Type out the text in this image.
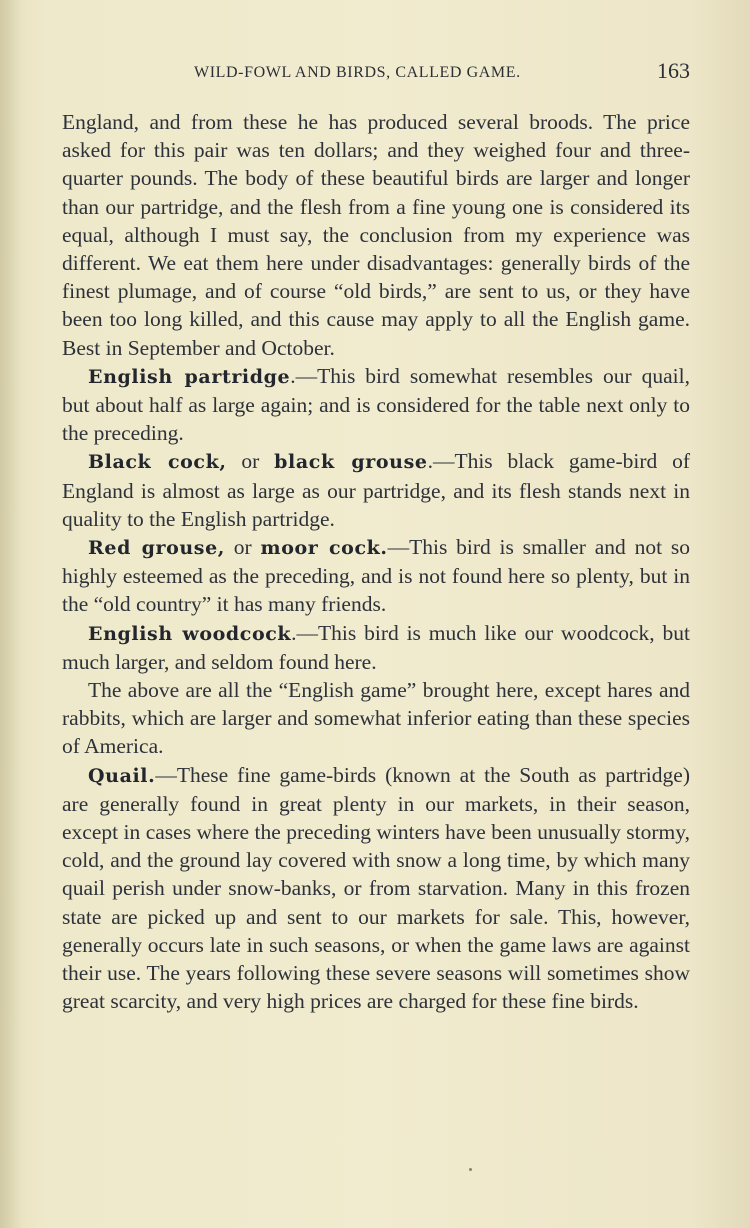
WILD-FOWL AND BIRDS, CALLED GAME.	163

England, and from these he has produced several broods. The price asked for this pair was ten dollars; and they weighed four and three-quarter pounds. The body of these beautiful birds are larger and longer than our partridge, and the flesh from a fine young one is considered its equal, although I must say, the conclusion from my experience was different. We eat them here under disadvantages: generally birds of the finest plumage, and of course “old birds,” are sent to us, or they have been too long killed, and this cause may apply to all the English game. Best in September and October.

English partridge.—This bird somewhat resembles our quail, but about half as large again; and is considered for the table next only to the preceding.

Black cock, or black grouse.—This black game-bird of England is almost as large as our partridge, and its flesh stands next in quality to the English partridge.

Red grouse, or moor cock.—This bird is smaller and not so highly esteemed as the preceding, and is not found here so plenty, but in the “old country” it has many friends.

English woodcock.—This bird is much like our woodcock, but much larger, and seldom found here.

The above are all the “English game” brought here, except hares and rabbits, which are larger and somewhat inferior eating than these species of America.

Quail.—These fine game-birds (known at the South as partridge) are generally found in great plenty in our markets, in their season, except in cases where the preceding winters have been unusually stormy, cold, and the ground lay covered with snow a long time, by which many quail perish under snow-banks, or from starvation. Many in this frozen state are picked up and sent to our markets for sale. This, however, generally occurs late in such seasons, or when the game laws are against their use. The years following these severe seasons will sometimes show great scarcity, and very high prices are charged for these fine birds.
